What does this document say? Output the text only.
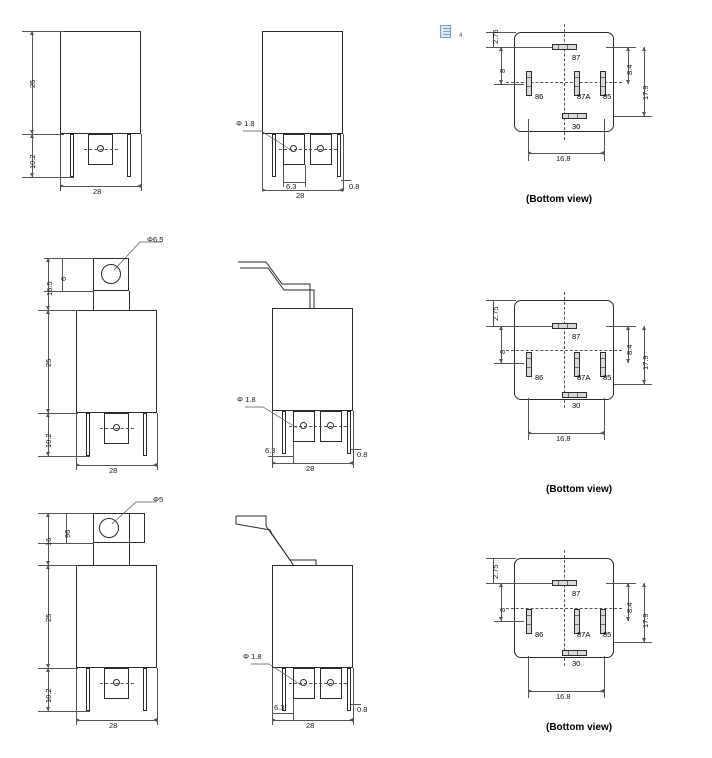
4
25
10.2
28
Φ 1.8
6.3	0.8
28
87
86	87A 85
30
2.75
8	8.4
17.9
16.8
(Bottom view)
Φ6.5
6
16.5
25
10.2
28
Φ 1.8
6.3	0.8
28
87
86	87A 85
30
2.75
8	8.4
17.9
16.8
(Bottom view)
Φ5
16
96
25
10.2
28
Φ 1.8
6.3	0.8
28
87
86	87A 85
30
2.75
8	8.4
17.9
16.8
(Bottom view)
